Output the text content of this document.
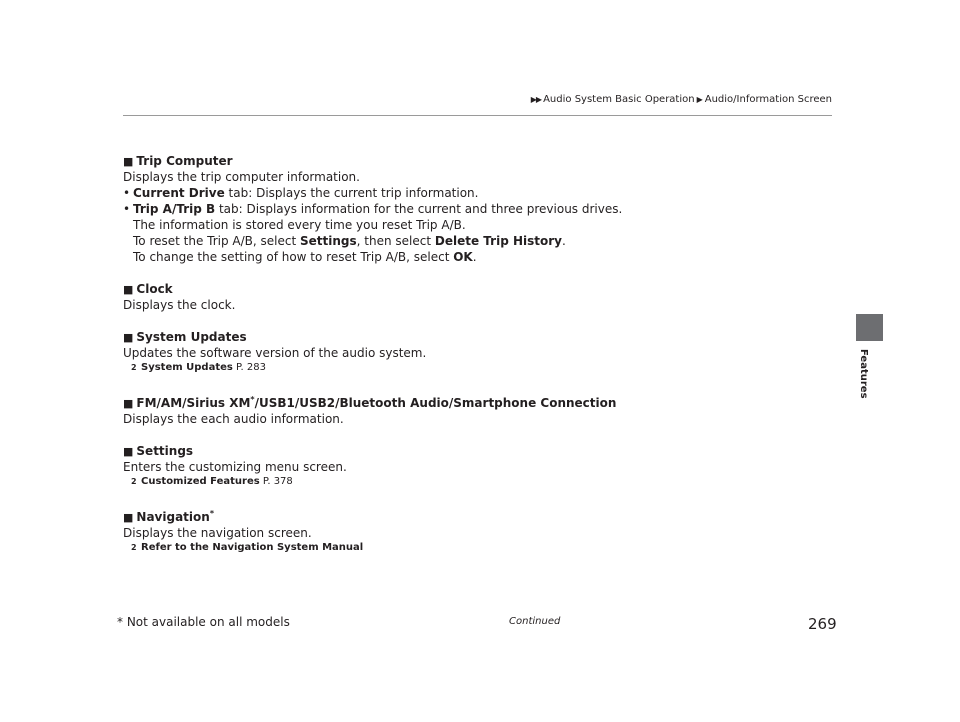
▶▶ Audio System Basic Operation ▶ Audio/Information Screen
Features
■ Trip Computer
Displays the trip computer information.
• Current Drive tab: Displays the current trip information.
• Trip A/Trip B tab: Displays information for the current and three previous drives.
The information is stored every time you reset Trip A/B.
To reset the Trip A/B, select Settings, then select Delete Trip History.
To change the setting of how to reset Trip A/B, select OK.
■ Clock
Displays the clock.
■ System Updates
Updates the software version of the audio system.
2 System Updates P. 283
■ FM/AM/Sirius XM*/USB1/USB2/Bluetooth Audio/Smartphone Connection
Displays the each audio information.
■ Settings
Enters the customizing menu screen.
2 Customized Features P. 378
■ Navigation*
Displays the navigation screen.
2 Refer to the Navigation System Manual
Continued
* Not available on all models	269
